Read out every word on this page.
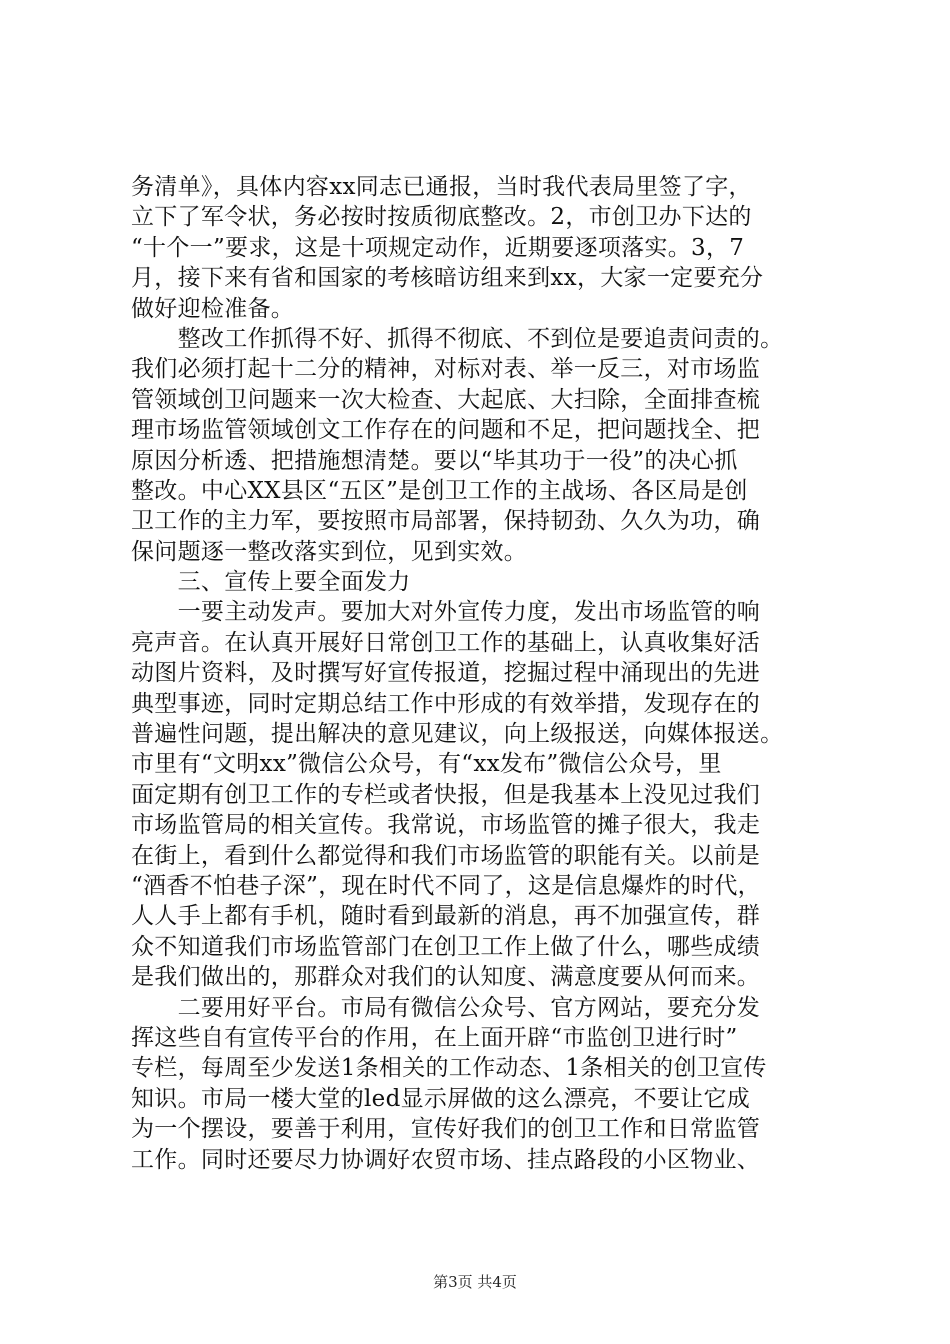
务清单》，具体内容xx同志已通报，当时我代表局里签了字，
立下了军令状，务必按时按质彻底整改。2，市创卫办下达的
“十个一”要求，这是十项规定动作，近期要逐项落实。3，7
月，接下来有省和国家的考核暗访组来到xx，大家一定要充分
做好迎检准备。
　　整改工作抓得不好、抓得不彻底、不到位是要追责问责的。
我们必须打起十二分的精神，对标对表、举一反三，对市场监
管领域创卫问题来一次大检查、大起底、大扫除，全面排查梳
理市场监管领域创文工作存在的问题和不足，把问题找全、把
原因分析透、把措施想清楚。要以“毕其功于一役”的决心抓
整改。中心XX县区“五区”是创卫工作的主战场、各区局是创
卫工作的主力军，要按照市局部署，保持韧劲、久久为功，确
保问题逐一整改落实到位，见到实效。
　　三、宣传上要全面发力
　　一要主动发声。要加大对外宣传力度，发出市场监管的响
亮声音。在认真开展好日常创卫工作的基础上，认真收集好活
动图片资料，及时撰写好宣传报道，挖掘过程中涌现出的先进
典型事迹，同时定期总结工作中形成的有效举措，发现存在的
普遍性问题，提出解决的意见建议，向上级报送，向媒体报送。
市里有“文明xx”微信公众号，有“xx发布”微信公众号，里
面定期有创卫工作的专栏或者快报，但是我基本上没见过我们
市场监管局的相关宣传。我常说，市场监管的摊子很大，我走
在街上，看到什么都觉得和我们市场监管的职能有关。以前是
“酒香不怕巷子深”，现在时代不同了，这是信息爆炸的时代，
人人手上都有手机，随时看到最新的消息，再不加强宣传，群
众不知道我们市场监管部门在创卫工作上做了什么，哪些成绩
是我们做出的，那群众对我们的认知度、满意度要从何而来。
　　二要用好平台。市局有微信公众号、官方网站，要充分发
挥这些自有宣传平台的作用，在上面开辟“市监创卫进行时”
专栏，每周至少发送1条相关的工作动态、1条相关的创卫宣传
知识。市局一楼大堂的led显示屏做的这么漂亮，不要让它成
为一个摆设，要善于利用，宣传好我们的创卫工作和日常监管
工作。同时还要尽力协调好农贸市场、挂点路段的小区物业、
第3页 共4页
